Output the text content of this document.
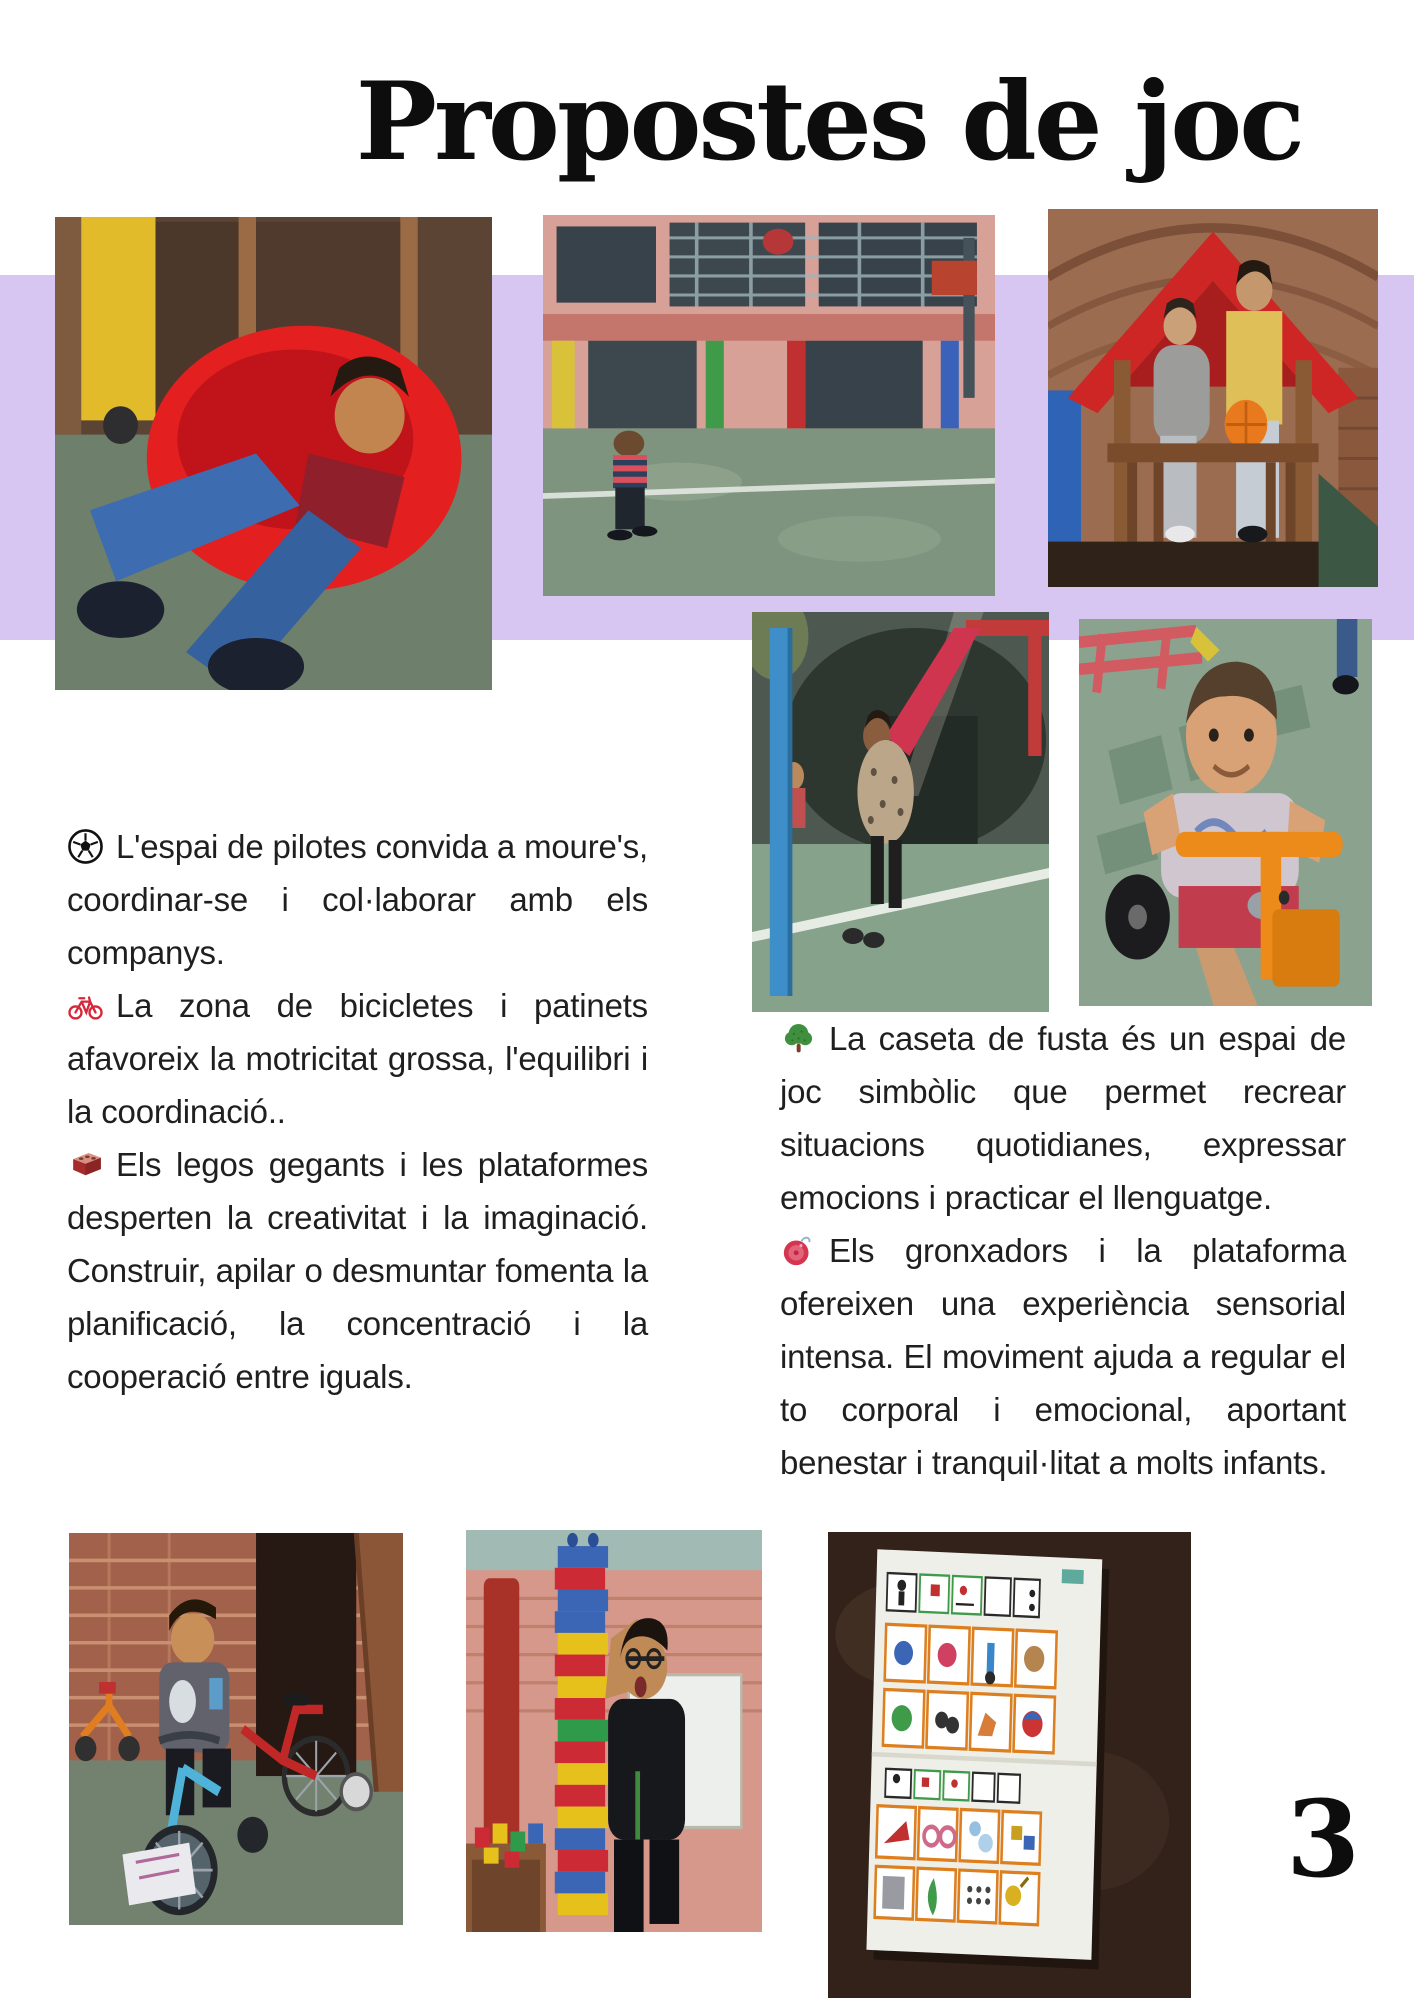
Propostes de joc

L'espai de pilotes convida a moure's, coordinar-se i col·laborar amb els companys.

La zona de bicicletes i patinets afavoreix la motricitat grossa, l'equilibri i la coordinació..

Els legos gegants i les plataformes desperten la creativitat i la imaginació. Construir, apilar o desmuntar fomenta la planificació, la concentració i la cooperació entre iguals.

La caseta de fusta és un espai de joc simbòlic que permet recrear situacions quotidianes, expressar emocions i practicar el llenguatge.

Els gronxadors i la plataforma ofereixen una experiència sensorial intensa. El moviment ajuda a regular el to corporal i emocional, aportant benestar i tranquil·litat a molts infants.

3
